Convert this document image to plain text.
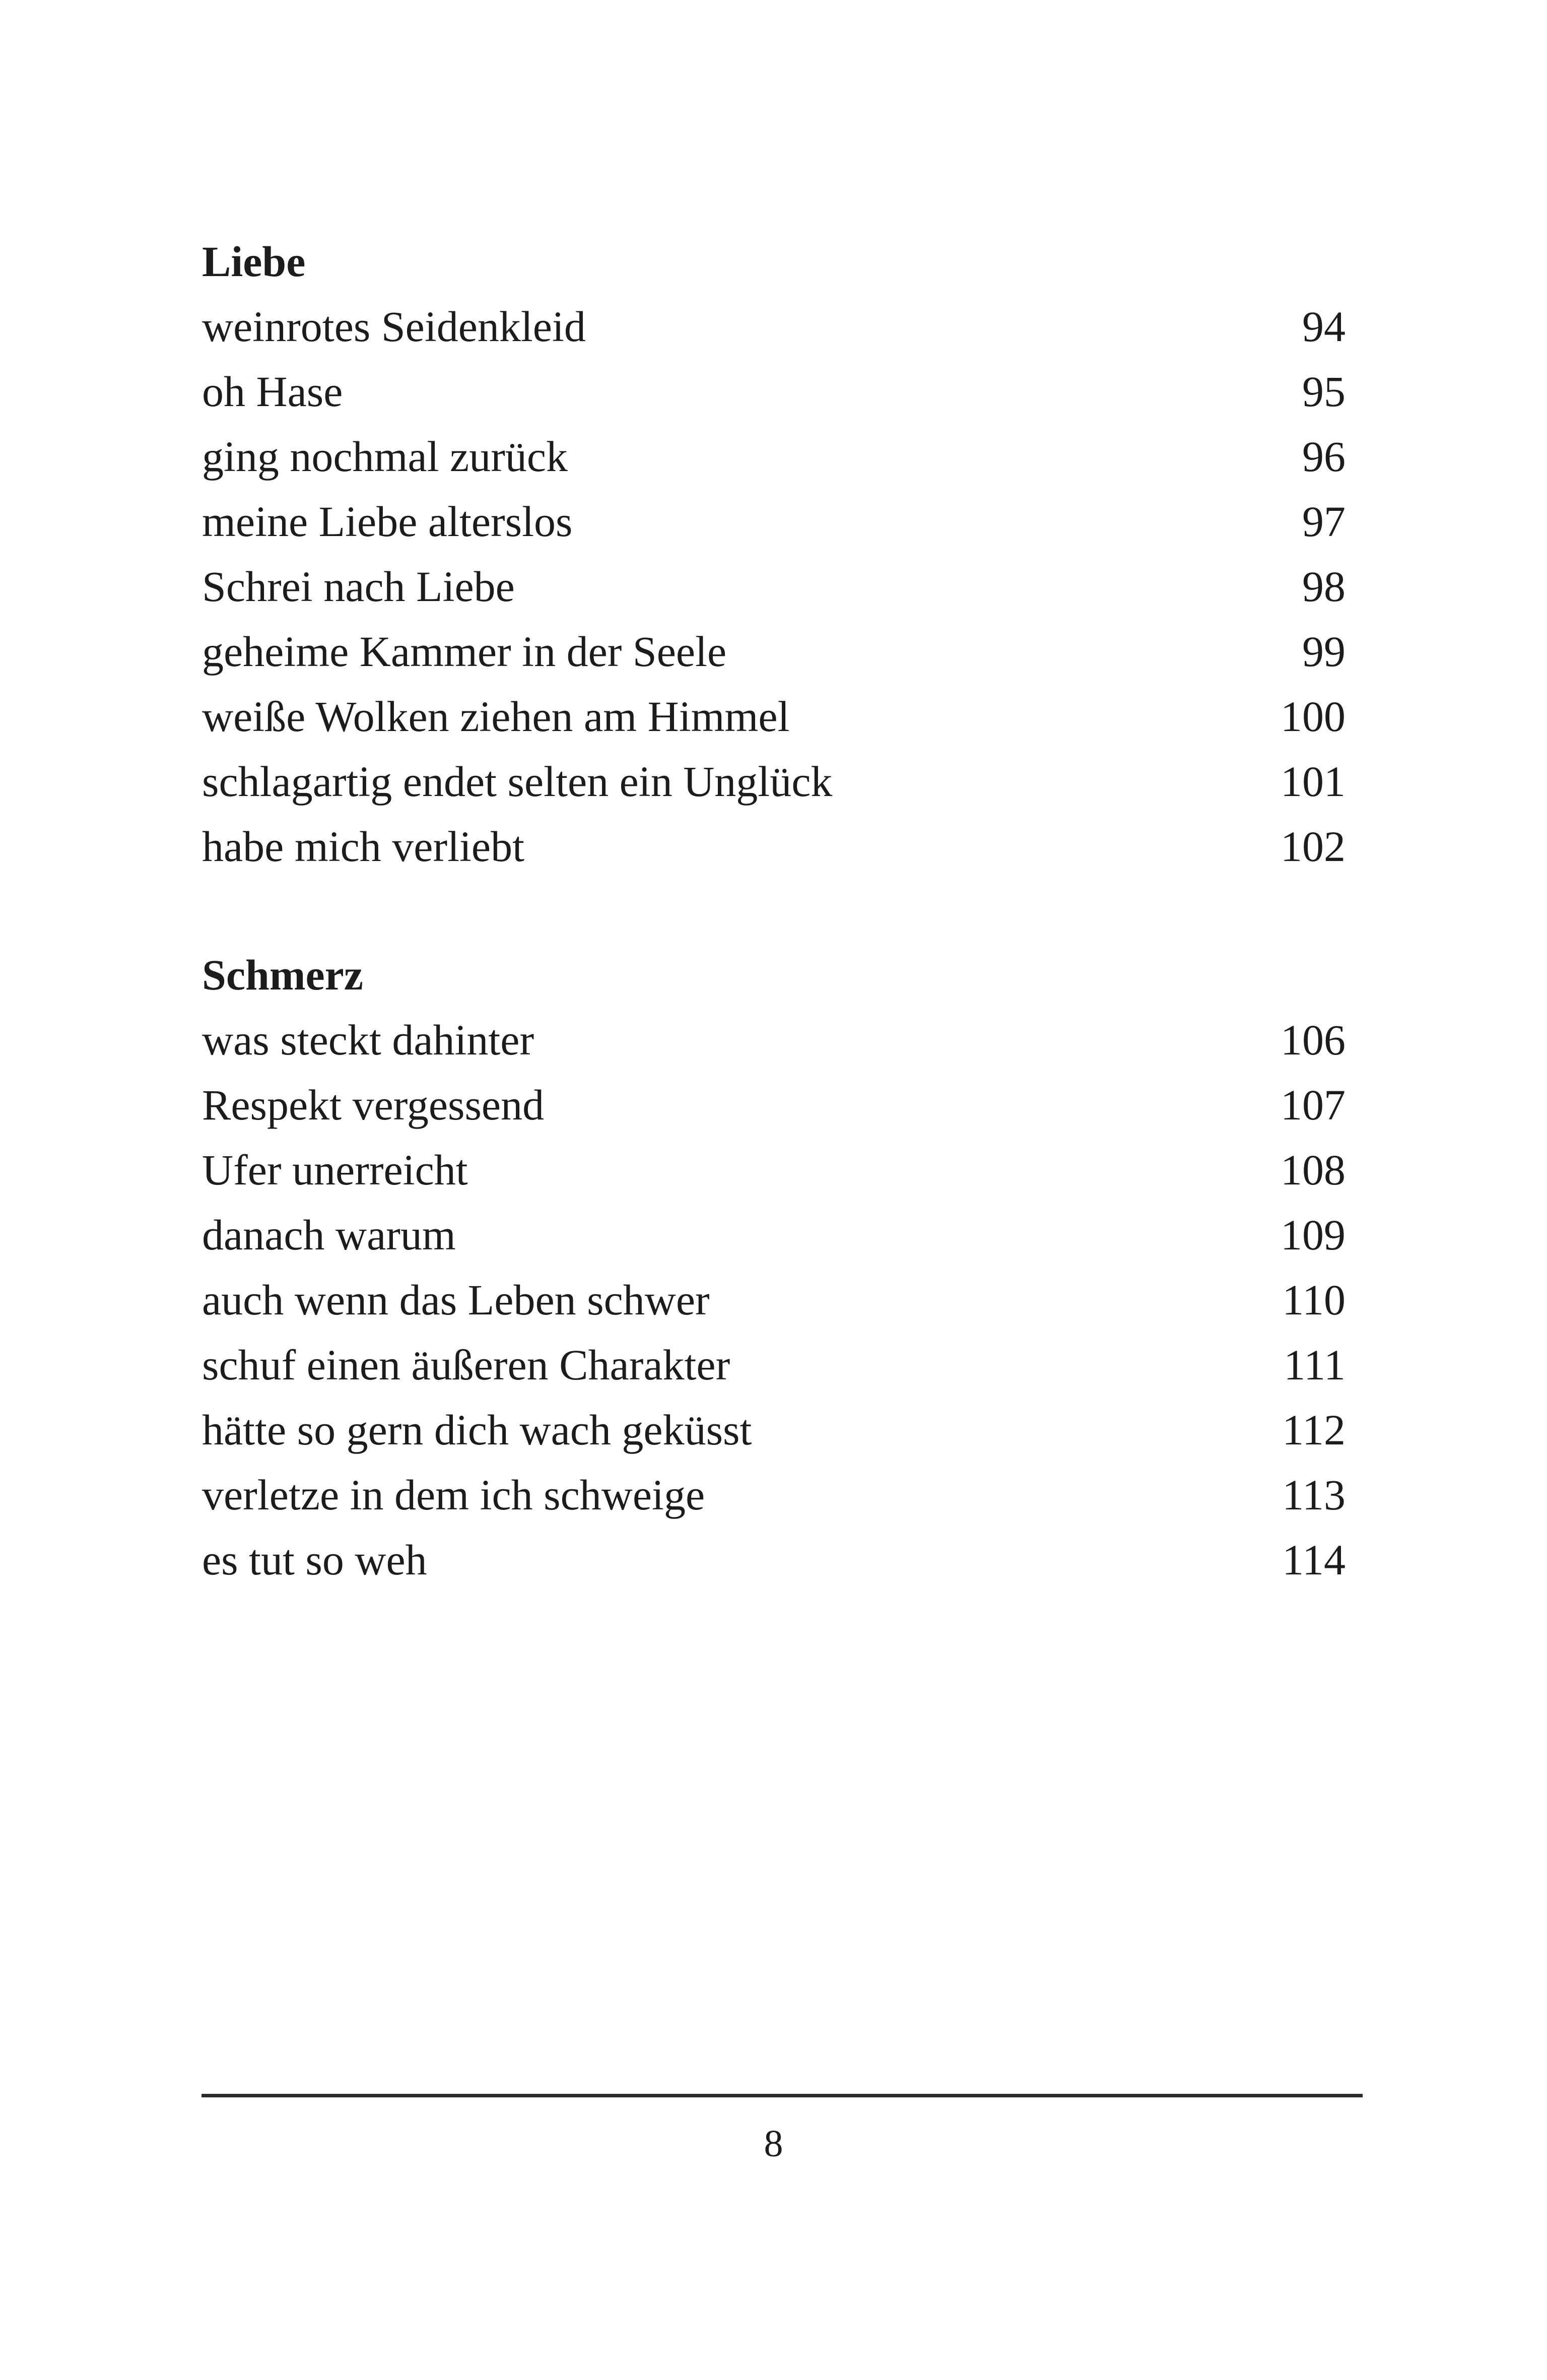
Liebe
weinrotes Seidenkleid	94
oh Hase	95
ging nochmal zurück	96
meine Liebe alterslos	97
Schrei nach Liebe	98
geheime Kammer in der Seele	99
weiße Wolken ziehen am Himmel	100
schlagartig endet selten ein Unglück	101
habe mich verliebt	102
Schmerz
was steckt dahinter	106
Respekt vergessend	107
Ufer unerreicht	108
danach warum	109
auch wenn das Leben schwer	110
schuf einen äußeren Charakter	111
hätte so gern dich wach geküsst	112
verletze in dem ich schweige	113
es tut so weh	114
8
